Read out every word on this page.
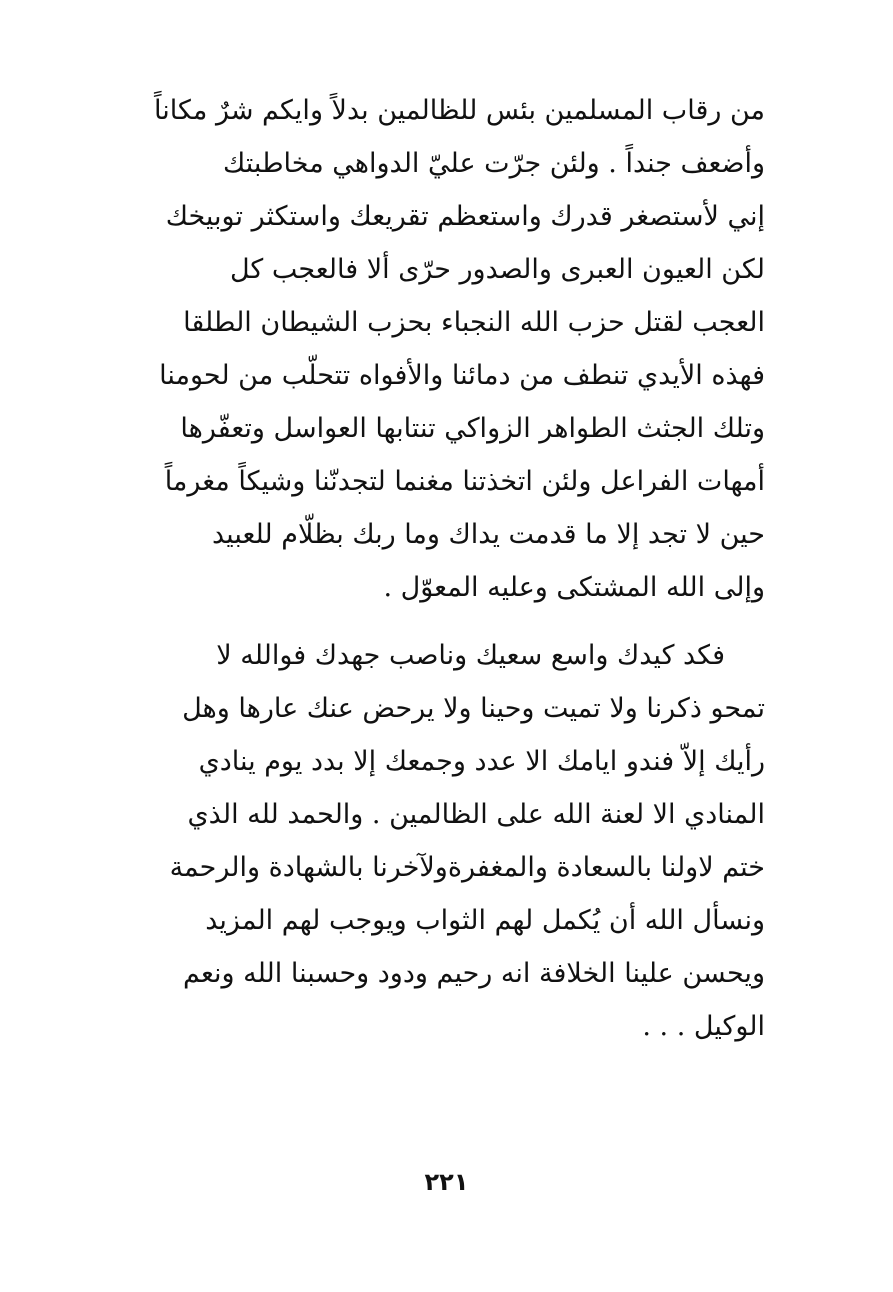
من رقاب المسلمين بئس للظالمين بدلاً وايكم شرٌ مكاناً
وأضعف جنداً . ولئن جرّت عليّ الدواهي مخاطبتك
إني لأستصغر قدرك واستعظم تقريعك واستكثر توبيخك
لكن العيون العبرى والصدور حرّى ألا فالعجب كل
العجب لقتل حزب الله النجباء بحزب الشيطان الطلقا
فهذه الأيدي تنطف من دمائنا والأفواه تتحلّب من لحومنا
وتلك الجثث الطواهر الزواكي تنتابها العواسل وتعفّرها
أمهات الفراعل ولئن اتخذتنا مغنما لتجدنّنا وشيكاً مغرماً
حين لا تجد إلا ما قدمت يداك وما ربك بظلّام للعبيد
وإلى الله المشتكى وعليه المعوّل .
فكد كيدك واسع سعيك وناصب جهدك فوالله لا
تمحو ذكرنا ولا تميت وحينا ولا يرحض عنك عارها وهل
رأيك إلاّ فندو ايامك الا عدد وجمعك إلا بدد يوم ينادي
المنادي الا لعنة الله على الظالمين . والحمد لله الذي
ختم لاولنا بالسعادة والمغفرةولآخرنا بالشهادة والرحمة
ونسأل الله أن يُكمل لهم الثواب ويوجب لهم المزيد
ويحسن علينا الخلافة انه رحيم ودود وحسبنا الله ونعم
الوكيل . . .
٢٢١
